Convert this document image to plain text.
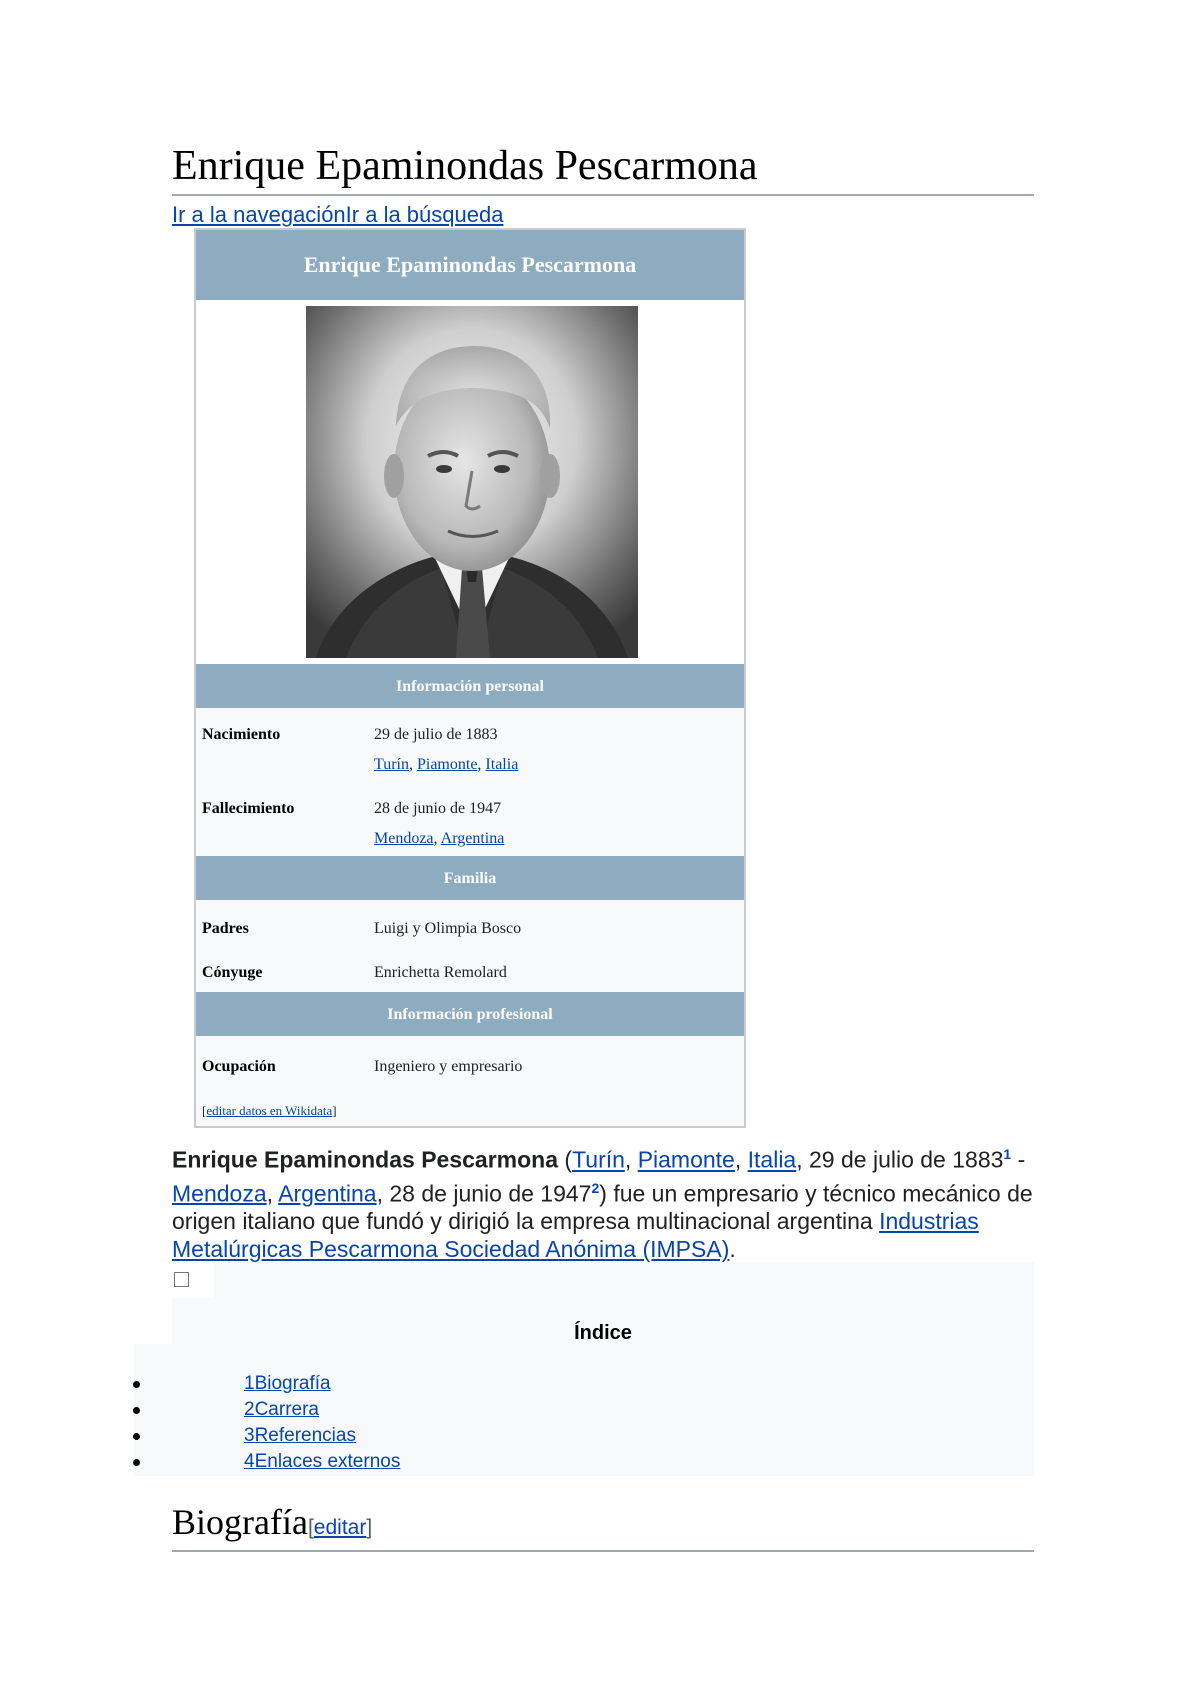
Enrique Epaminondas Pescarmona
Ir a la navegaciónIr a la búsqueda
Enrique Epaminondas Pescarmona
Información personal
Nacimiento	29 de julio de 1883
Turín, Piamonte, Italia
Fallecimiento	28 de junio de 1947
Mendoza, Argentina
Familia
Padres	Luigi y Olimpia Bosco
Cónyuge	Enrichetta Remolard
Información profesional
Ocupación	Ingeniero y empresario
[editar datos en Wikidata]

Enrique Epaminondas Pescarmona (Turín, Piamonte, Italia, 29 de julio de 1883$^1$ - Mendoza, Argentina, 28 de junio de 1947$^2$) fue un empresario y técnico mecánico de origen italiano que fundó y dirigió la empresa multinacional argentina Industrias Metalúrgicas Pescarmona Sociedad Anónima (IMPSA).

Índice
1Biografía
2Carrera
3Referencias
4Enlaces externos
Biografía[editar]
